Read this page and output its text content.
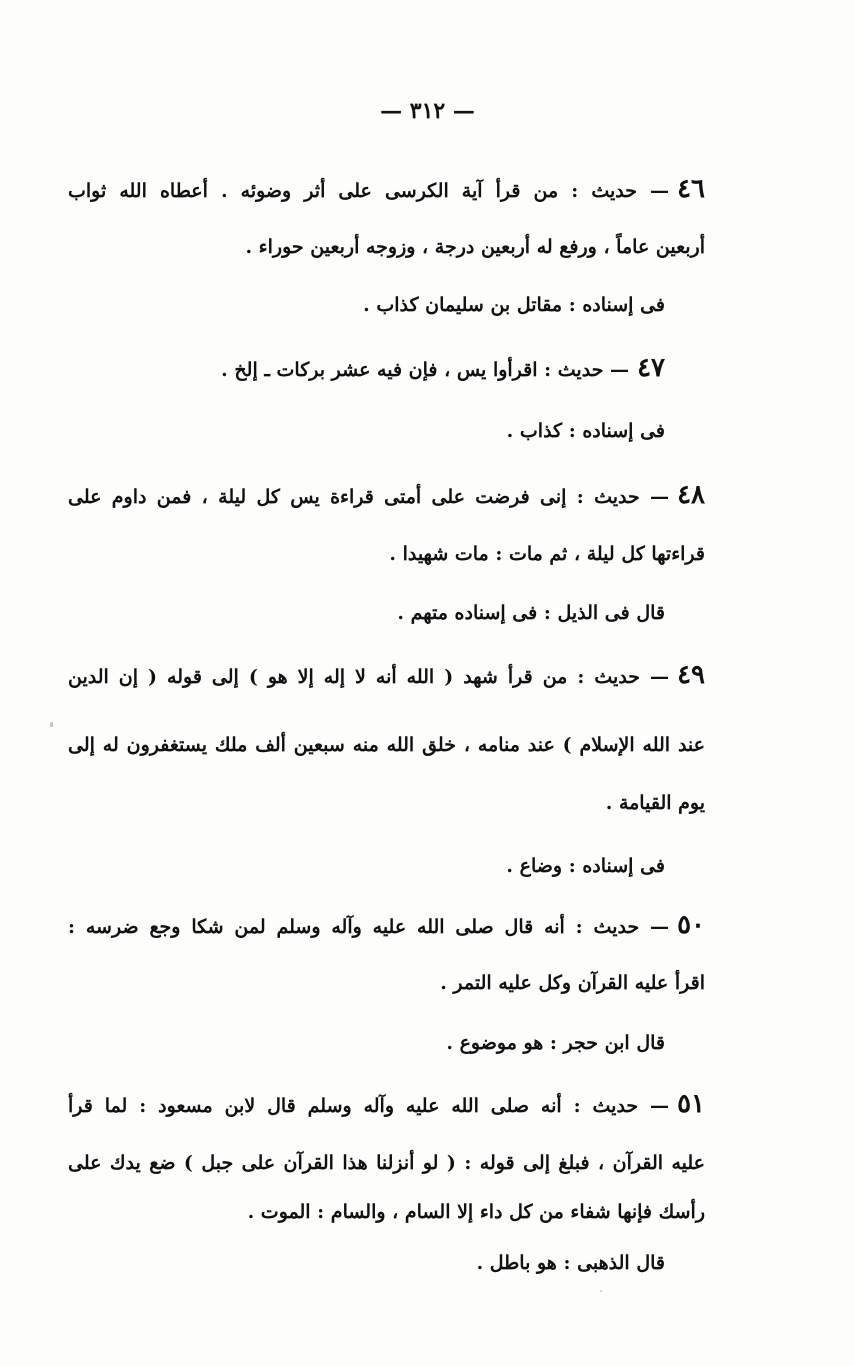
— ٣١٢ —
٤٦— حديث : من قرأ آية الكرسى على أثر وضوئه . أعطاه الله ثواب
أربعين عاماً ، ورفع له أربعين درجة ، وزوجه أربعين حوراء .
فى إسناده : مقاتل بن سليمان كذاب .
٤٧— حديث : اقرأوا يس ، فإن فيه عشر بركات ـ إلخ .
فى إسناده : كذاب .
٤٨— حديث : إنى فرضت على أمتى قراءة يس كل ليلة ، فمن داوم على
قراءتها كل ليلة ، ثم مات : مات شهيدا .
قال فى الذيل : فى إسناده متهم .
٤٩— حديث : من قرأ شهد ( الله أنه لا إله إلا هو ) إلى قوله ( إن الدين
عند الله الإسلام ) عند منامه ، خلق الله منه سبعين ألف ملك يستغفرون له إلى
يوم القيامة .
فى إسناده : وضاع .
٥٠— حديث : أنه قال صلى الله عليه وآله وسلم لمن شكا وجع ضرسه :
اقرأ عليه القرآن وكل عليه التمر .
قال ابن حجر : هو موضوع .
٥١— حديث : أنه صلى الله عليه وآله وسلم قال لابن مسعود : لما قرأ
عليه القرآن ، فبلغ إلى قوله : ( لو أنزلنا هذا القرآن على جبل ) ضع يدك على
رأسك فإنها شفاء من كل داء إلا السام ، والسام : الموت .
قال الذهبى : هو باطل .
